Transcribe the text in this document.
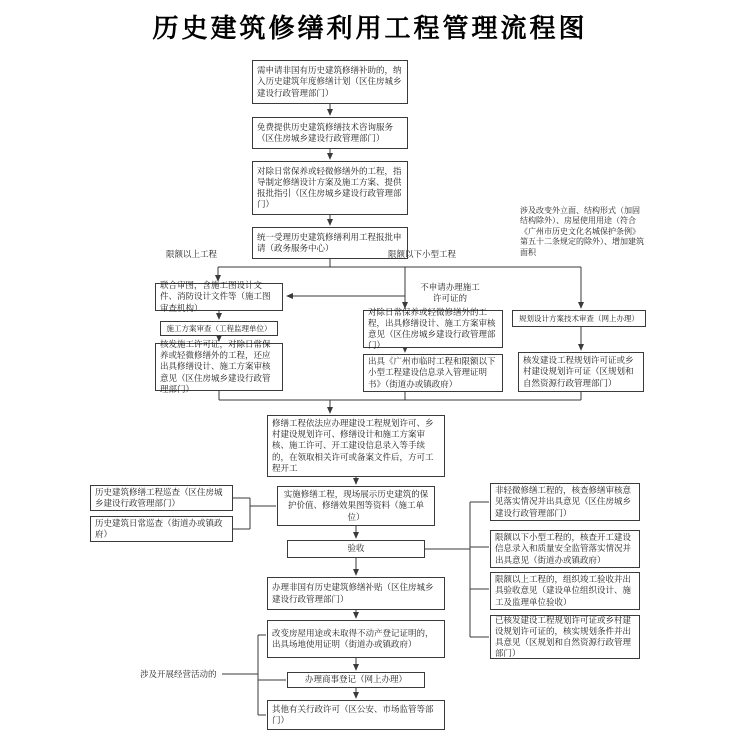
历史建筑修缮利用工程管理流程图
需申请非国有历史建筑修缮补助的，纳入历史建筑年度修缮计划（区住房城乡建设行政管理部门）
免费提供历史建筑修缮技术咨询服务（区住房城乡建设行政管理部门）
对除日常保养或轻微修缮外的工程，指导制定修缮设计方案及施工方案、提供报批指引（区住房城乡建设行政管理部门）
统一受理历史建筑修缮利用工程报批申请（政务服务中心）
限额以上工程	限额以下小型工程
不申请办理施工许可证的
涉及改变外立面、结构形式（加固结构除外）、房屋使用用途（符合《广州市历史文化名城保护条例》第五十二条规定的除外）、增加建筑面积
联合审图，含施工图设计文件、消防设计文件等（施工图审查机构）
施工方案审查（工程监理单位）
核发施工许可证，对除日常保养或轻微修缮外的工程，还应出具修缮设计、施工方案审核意见（区住房城乡建设行政管理部门）
对除日常保养或轻微修缮外的工程，出具修缮设计、施工方案审核意见（区住房城乡建设行政管理部门）
出具《广州市临时工程和限额以下小型工程建设信息录入管理证明书》（街道办或镇政府）
规划设计方案技术审查（网上办理）
核发建设工程规划许可证或乡村建设规划许可证（区规划和自然资源行政管理部门）
修缮工程依法应办理建设工程规划许可、乡村建设规划许可、修缮设计和施工方案审核、施工许可、开工建设信息录入等手续的，在领取相关许可或备案文件后，方可工程开工
实施修缮工程，现场展示历史建筑的保护价值、修缮效果图等资料（施工单位）
验收
办理非国有历史建筑修缮补贴（区住房城乡建设行政管理部门）
改变房屋用途或未取得不动产登记证明的，出具场地使用证明（街道办或镇政府）
办理商事登记（网上办理）
其他有关行政许可（区公安、市场监管等部门）
历史建筑修缮工程巡查（区住房城乡建设行政管理部门）
历史建筑日常巡查（街道办或镇政府）
非轻微修缮工程的，核查修缮审核意见落实情况并出具意见（区住房城乡建设行政管理部门）
限额以下小型工程的，核查开工建设信息录入和质量安全监管落实情况并出具意见（街道办或镇政府）
限额以上工程的，组织竣工验收并出具验收意见（建设单位组织设计、施工及监理单位验收）
已核发建设工程规划许可证或乡村建设规划许可证的，核实规划条件并出具意见（区规划和自然资源行政管理部门）
涉及开展经营活动的
